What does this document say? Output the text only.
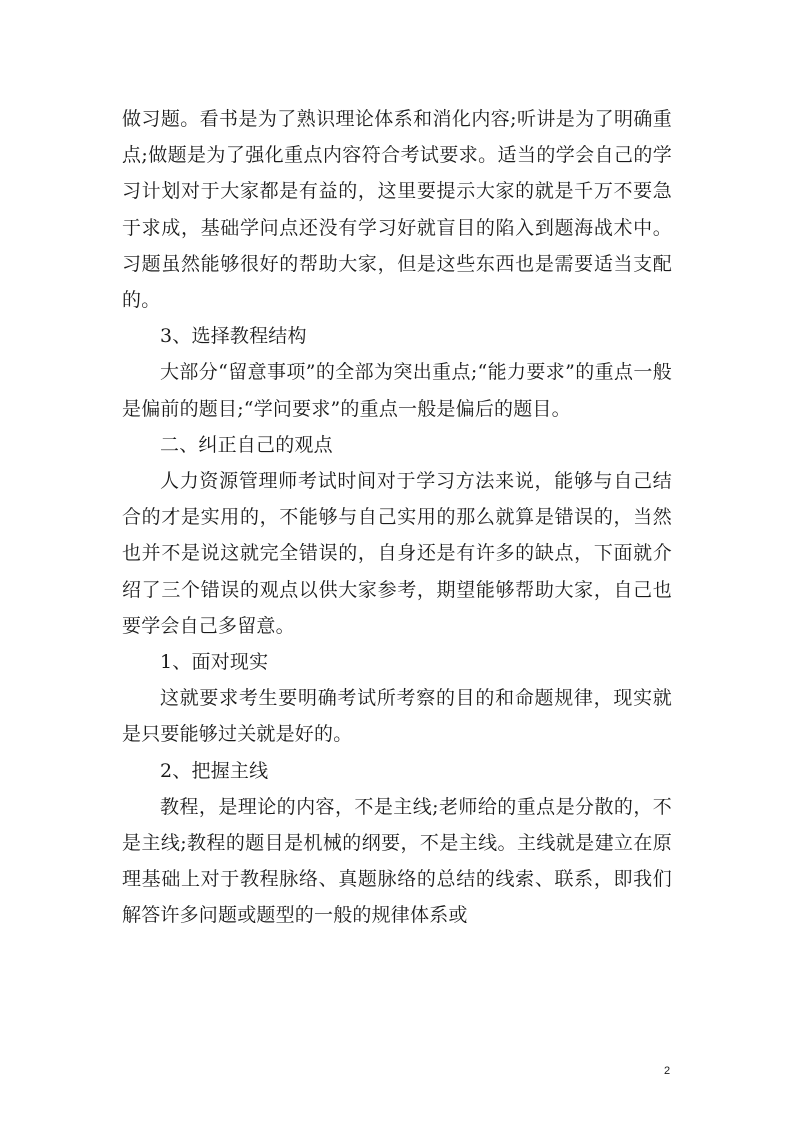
做习题。看书是为了熟识理论体系和消化内容;听讲是为了明确重点;做题是为了强化重点内容符合考试要求。适当的学会自己的学习计划对于大家都是有益的，这里要提示大家的就是千万不要急于求成，基础学问点还没有学习好就盲目的陷入到题海战术中。习题虽然能够很好的帮助大家，但是这些东西也是需要适当支配的。

3、选择教程结构

大部分“留意事项”的全部为突出重点;“能力要求”的重点一般是偏前的题目;“学问要求”的重点一般是偏后的题目。

二、纠正自己的观点

人力资源管理师考试时间对于学习方法来说，能够与自己结合的才是实用的，不能够与自己实用的那么就算是错误的，当然也并不是说这就完全错误的，自身还是有许多的缺点，下面就介绍了三个错误的观点以供大家参考，期望能够帮助大家，自己也要学会自己多留意。

1、面对现实

这就要求考生要明确考试所考察的目的和命题规律，现实就是只要能够过关就是好的。

2、把握主线

教程，是理论的内容，不是主线;老师给的重点是分散的，不是主线;教程的题目是机械的纲要，不是主线。主线就是建立在原理基础上对于教程脉络、真题脉络的总结的线索、联系，即我们解答许多问题或题型的一般的规律体系或

2
